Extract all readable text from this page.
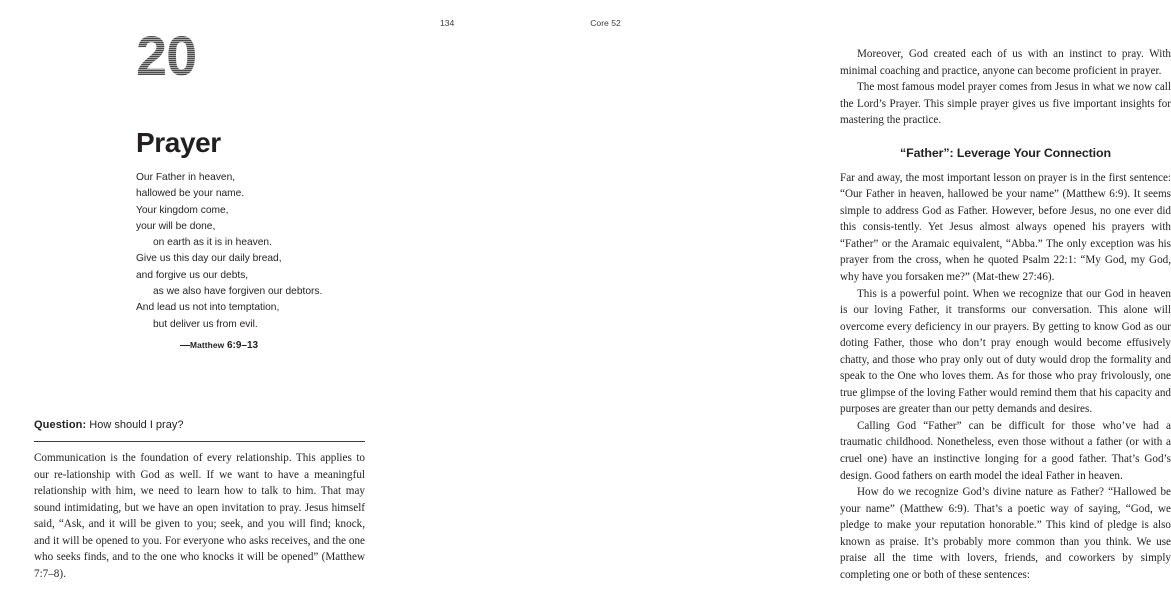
20
Prayer
Our Father in heaven,
hallowed be your name.
Your kingdom come,
your will be done,
on earth as it is in heaven.
Give us this day our daily bread,
and forgive us our debts,
as we also have forgiven our debtors.
And lead us not into temptation,
but deliver us from evil.
—Matthew 6:9–13
Question: How should I pray?

Communication is the foundation of every relationship. This applies to our re-lationship with God as well. If we want to have a meaningful relationship with him, we need to learn how to talk to him. That may sound intimidating, but we have an open invitation to pray. Jesus himself said, “Ask, and it will be given to you; seek, and you will find; knock, and it will be opened to you. For everyone who asks receives, and the one who seeks finds, and to the one who knocks it will be opened” (Matthew 7:7–8).

134	Core 52

Moreover, God created each of us with an instinct to pray. With minimal coaching and practice, anyone can become proficient in prayer.

The most famous model prayer comes from Jesus in what we now call the Lord’s Prayer. This simple prayer gives us five important insights for mastering the practice.

“Father”: Leverage Your Connection

Far and away, the most important lesson on prayer is in the first sentence: “Our Father in heaven, hallowed be your name” (Matthew 6:9). It seems simple to address God as Father. However, before Jesus, no one ever did this consis-tently. Yet Jesus almost always opened his prayers with “Father” or the Aramaic equivalent, “Abba.” The only exception was his prayer from the cross, when he quoted Psalm 22:1: “My God, my God, why have you forsaken me?” (Mat-thew 27:46).

This is a powerful point. When we recognize that our God in heaven is our loving Father, it transforms our conversation. This alone will overcome every deficiency in our prayers. By getting to know God as our doting Father, those who don’t pray enough would become effusively chatty, and those who pray only out of duty would drop the formality and speak to the One who loves them. As for those who pray frivolously, one true glimpse of the loving Father would remind them that his capacity and purposes are greater than our petty demands and desires.

Calling God “Father” can be difficult for those who’ve had a traumatic childhood. Nonetheless, even those without a father (or with a cruel one) have an instinctive longing for a good father. That’s God’s design. Good fathers on earth model the ideal Father in heaven.

How do we recognize God’s divine nature as Father? “Hallowed be your name” (Matthew 6:9). That’s a poetic way of saying, “God, we pledge to make your reputation honorable.” This kind of pledge is also known as praise. It’s probably more common than you think. We use praise all the time with lovers, friends, and coworkers by simply completing one or both of these sentences:
